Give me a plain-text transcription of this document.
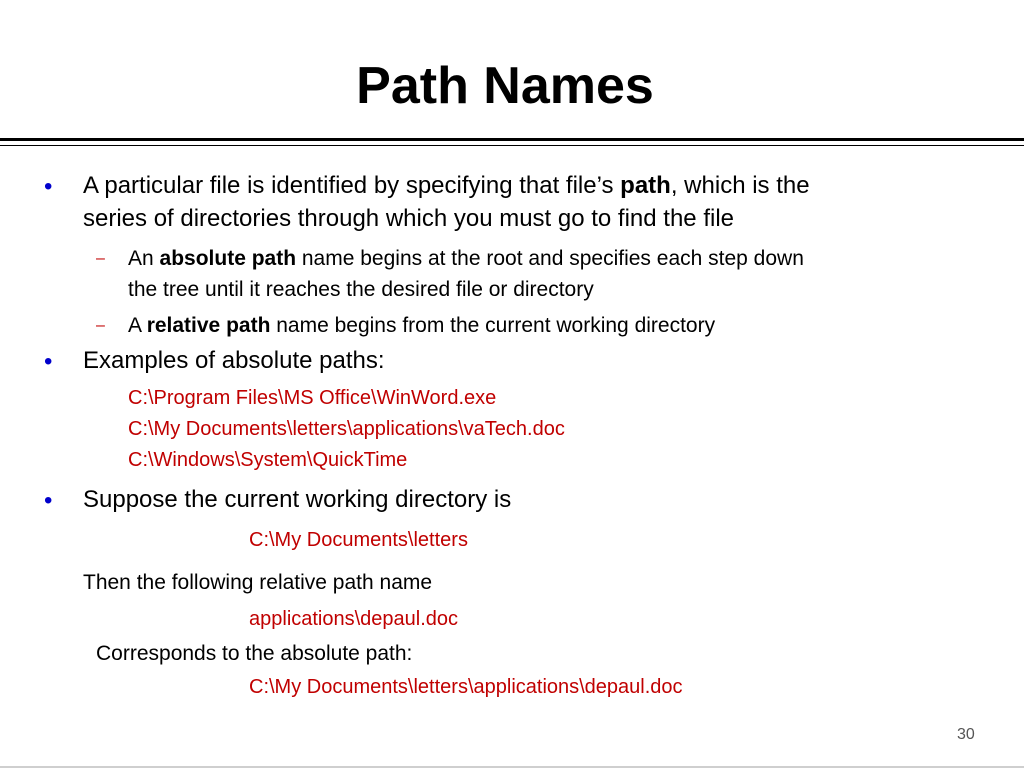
Path Names
• A particular file is identified by specifying that file’s path, which is the
series of directories through which you must go to find the file
– An absolute path name begins at the root and specifies each step down
the tree until it reaches the desired file or directory
– A relative path name begins from the current working directory
• Examples of absolute paths:
C:\Program Files\MS Office\WinWord.exe
C:\My Documents\letters\applications\vaTech.doc
C:\Windows\System\QuickTime
• Suppose the current working directory is
C:\My Documents\letters
Then the following relative path name
applications\depaul.doc
Corresponds to the absolute path:
C:\My Documents\letters\applications\depaul.doc
30
